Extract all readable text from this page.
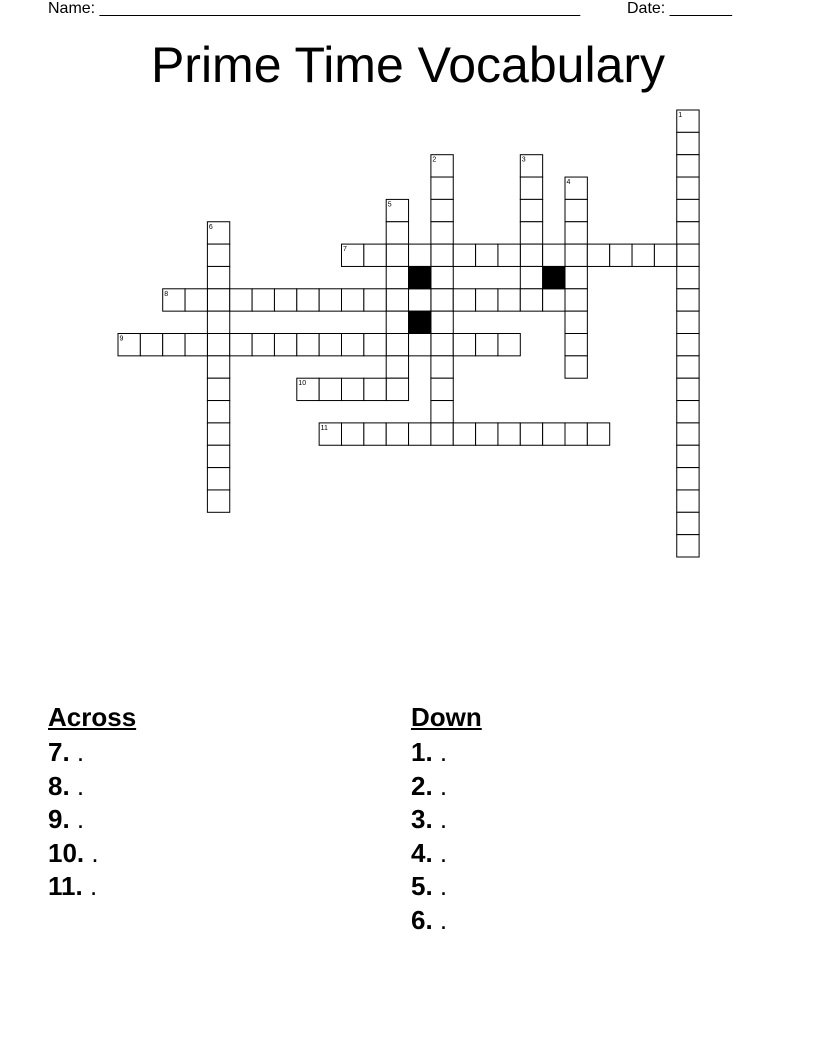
Name: ______________________________________________________	Date: _______
Prime Time Vocabulary
1
2	3
4
5
6
7
8
9
10
11
Across
7. .
8. .
9. .
10. .
11. .
Down
1. .
2. .
3. .
4. .
5. .
6. .
